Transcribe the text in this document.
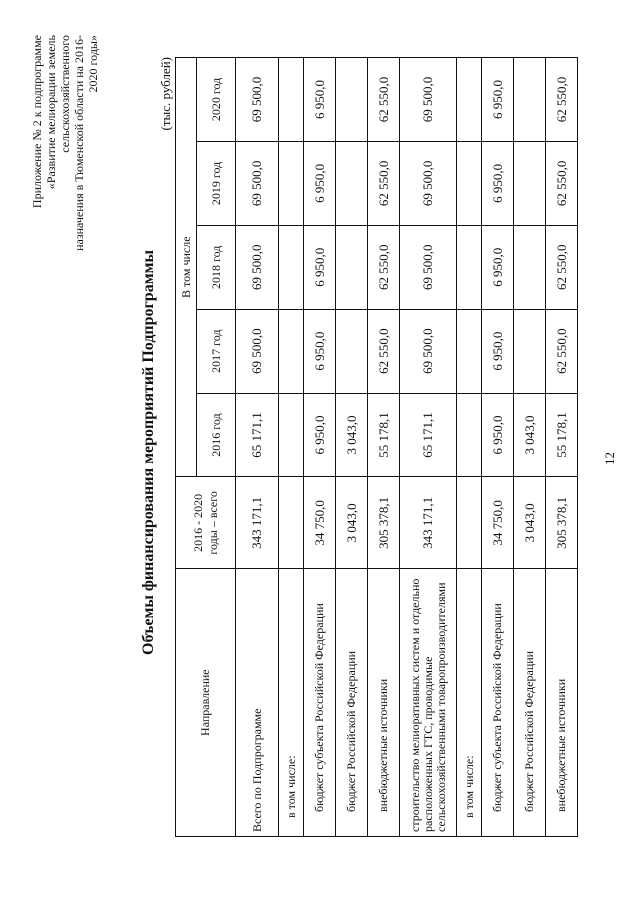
12
Приложение № 2 к подпрограмме «Развитие мелиорации земель сельскохозяйственного назначения в Тюменской области на 2016-2020 годы»
Объемы финансирования мероприятий Подпрограммы
(тыс. рублей)
Направление	2016 - 2020 годы – всего	В том числе				
		2016 год	2017 год	2018 год	2019 год	2020 год
Всего по Подпрограмме	343 171,1	65 171,1	69 500,0	69 500,0	69 500,0	69 500,0
в том числе:						
бюджет субъекта Российской Федерации	34 750,0	6 950,0	6 950,0	6 950,0	6 950,0	6 950,0
бюджет Российской Федерации	3 043,0	3 043,0				
внебюджетные источники	305 378,1	55 178,1	62 550,0	62 550,0	62 550,0	62 550,0
строительство мелиоративных систем и отдельно расположенных ГТС, проводимые сельскохозяйственными товаропроизводителями	343 171,1	65 171,1	69 500,0	69 500,0	69 500,0	69 500,0
в том числе:						
бюджет субъекта Российской Федерации	34 750,0	6 950,0	6 950,0	6 950,0	6 950,0	6 950,0
бюджет Российской Федерации	3 043,0	3 043,0				
внебюджетные источники	305 378,1	55 178,1	62 550,0	62 550,0	62 550,0	62 550,0
